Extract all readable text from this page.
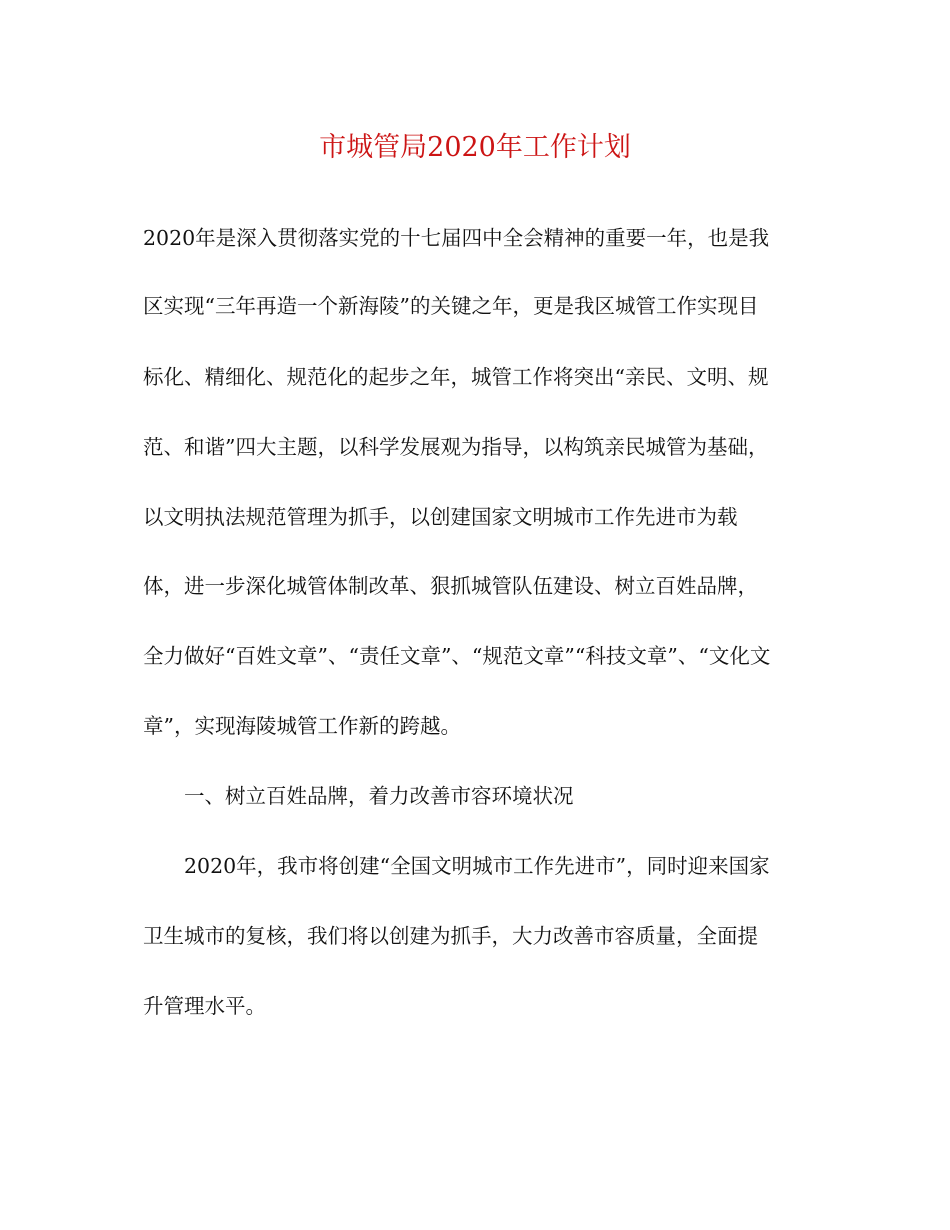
市城管局2020年工作计划

2020年是深入贯彻落实党的十七届四中全会精神的重要一年，也是我

区实现“三年再造一个新海陵”的关键之年，更是我区城管工作实现目

标化、精细化、规范化的起步之年，城管工作将突出“亲民、文明、规

范、和谐”四大主题，以科学发展观为指导，以构筑亲民城管为基础，

以文明执法规范管理为抓手，以创建国家文明城市工作先进市为载

体，进一步深化城管体制改革、狠抓城管队伍建设、树立百姓品牌，

全力做好“百姓文章”、“责任文章”、“规范文章”“科技文章”、“文化文

章”，实现海陵城管工作新的跨越。

一、树立百姓品牌，着力改善市容环境状况

2020年，我市将创建“全国文明城市工作先进市”，同时迎来国家

卫生城市的复核，我们将以创建为抓手，大力改善市容质量，全面提

升管理水平。
